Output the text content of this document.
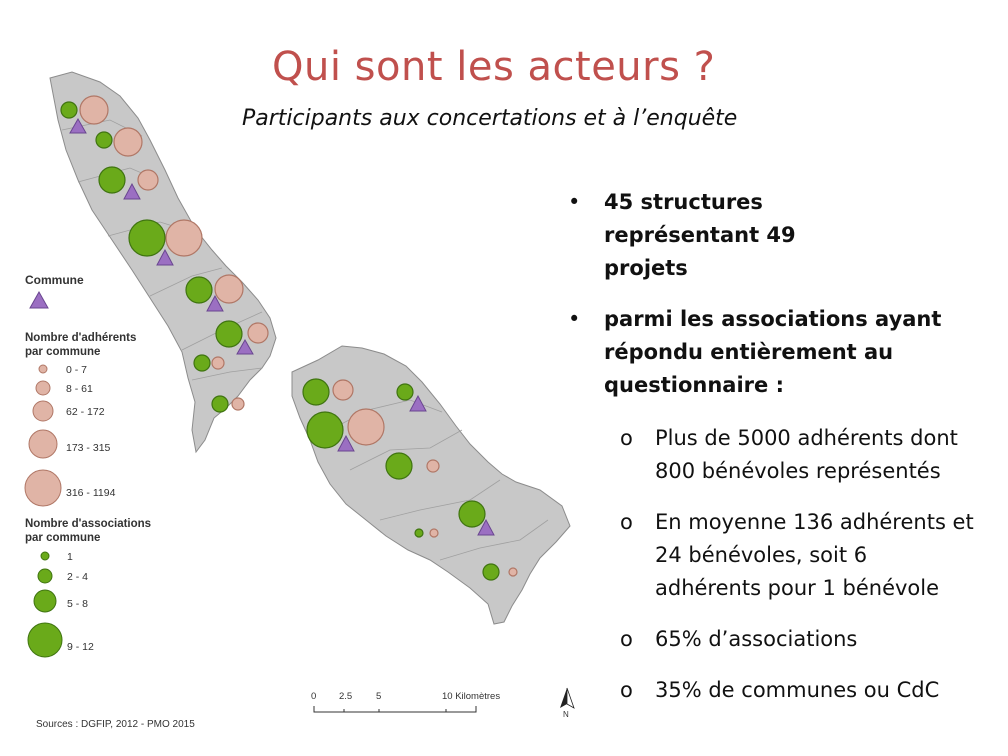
Commune
Nombre d'adhérents
par commune
0 - 7
8 - 61
62 - 172
173 - 315
316 - 1194
Nombre d'associations
par commune
1
2 - 4
5 - 8
9 - 12
0 2.5	5	10 Kilomètres
N
Sources : DGFIP, 2012 - PMO 2015
Qui sont les acteurs ?
Participants aux concertations et à l’enquête
• 45 structures représentant 49 projets
• parmi les associations ayant répondu entièrement au questionnaire :
o Plus de 5000 adhérents dont 800 bénévoles représentés
o En moyenne 136 adhérents et 24 bénévoles, soit 6 adhérents pour 1 bénévole
o 65% d’associations
o 35% de communes ou CdC
